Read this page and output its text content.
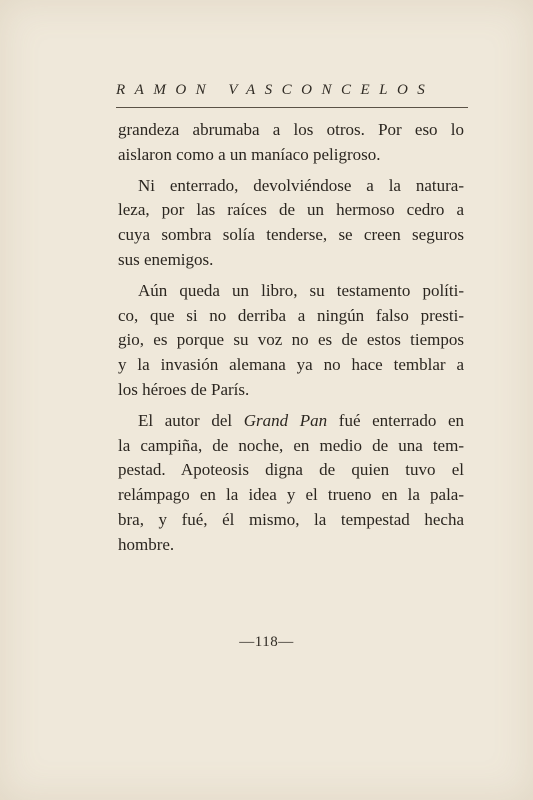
RAMON VASCONCELOS
grandeza abrumaba a los otros. Por eso lo
aislaron como a un maníaco peligroso.
Ni enterrado, devolviéndose a la natura-
leza, por las raíces de un hermoso cedro a
cuya sombra solía tenderse, se creen seguros
sus enemigos.
Aún queda un libro, su testamento políti-
co, que si no derriba a ningún falso presti-
gio, es porque su voz no es de estos tiempos
y la invasión alemana ya no hace temblar a
los héroes de París.
El autor del Grand Pan fué enterrado en
la campiña, de noche, en medio de una tem-
pestad. Apoteosis digna de quien tuvo el
relámpago en la idea y el trueno en la pala-
bra, y fué, él mismo, la tempestad hecha
hombre.
—118—
